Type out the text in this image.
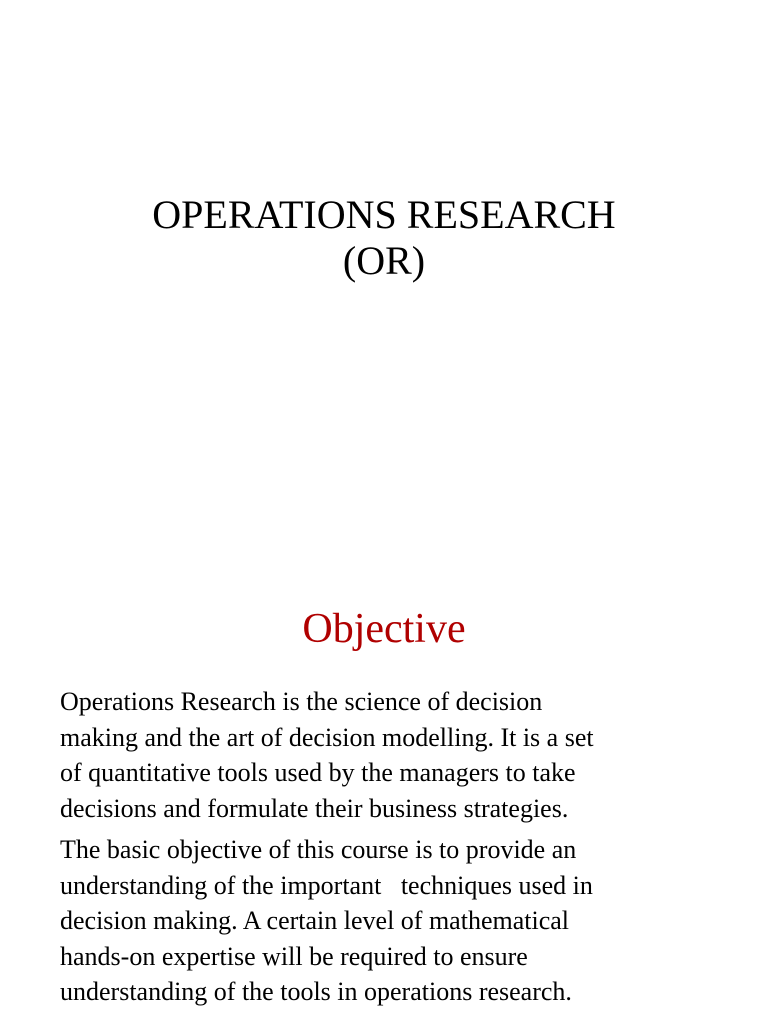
OPERATIONS RESEARCH
(OR)
Objective

Operations Research is the science of decision
making and the art of decision modelling. It is a set
of quantitative tools used by the managers to take
decisions and formulate their business strategies.

The basic objective of this course is to provide an
understanding of the important   techniques used in
decision making. A certain level of mathematical
hands-on expertise will be required to ensure
understanding of the tools in operations research.
